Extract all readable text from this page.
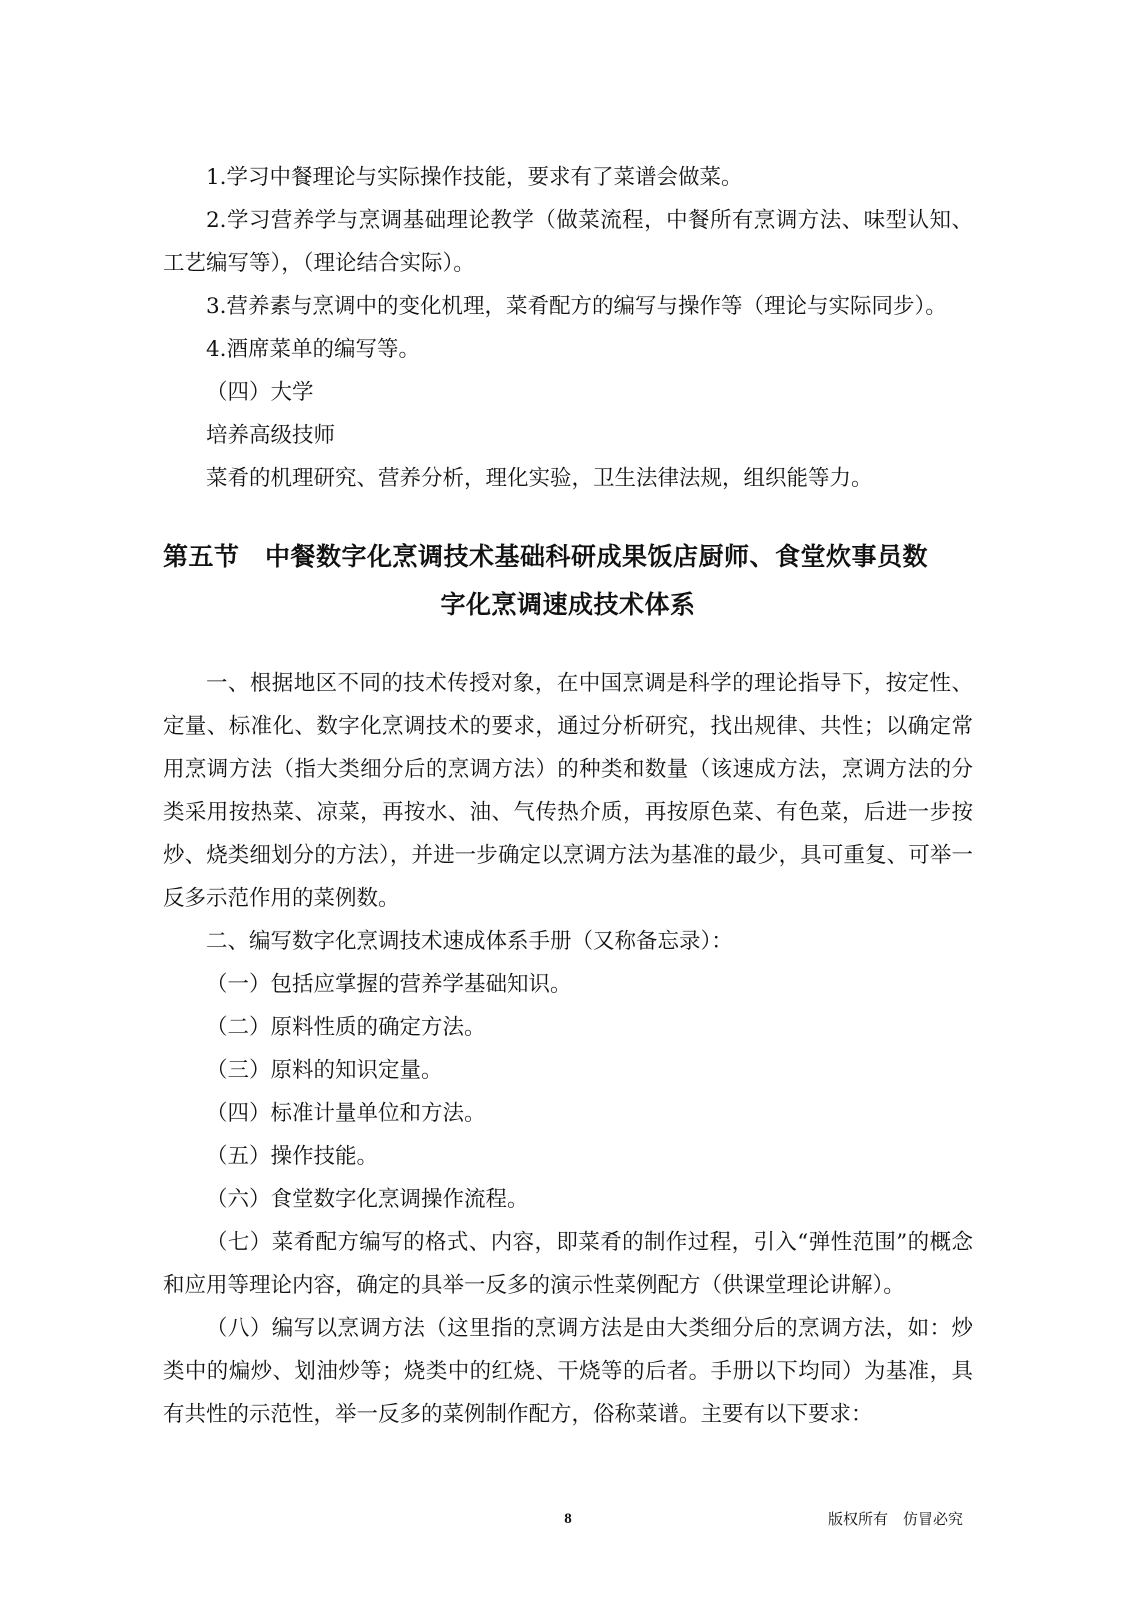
1.学习中餐理论与实际操作技能，要求有了菜谱会做菜。

2.学习营养学与烹调基础理论教学（做菜流程，中餐所有烹调方法、味型认知、工艺编写等），（理论结合实际）。

3.营养素与烹调中的变化机理，菜肴配方的编写与操作等（理论与实际同步）。

4.酒席菜单的编写等。

（四）大学

培养高级技师

菜肴的机理研究、营养分析，理化实验，卫生法律法规，组织能等力。

第五节　中餐数字化烹调技术基础科研成果饭店厨师、食堂炊事员数
字化烹调速成技术体系

一、根据地区不同的技术传授对象，在中国烹调是科学的理论指导下，按定性、定量、标准化、数字化烹调技术的要求，通过分析研究，找出规律、共性；以确定常用烹调方法（指大类细分后的烹调方法）的种类和数量（该速成方法，烹调方法的分类采用按热菜、凉菜，再按水、油、气传热介质，再按原色菜、有色菜，后进一步按炒、烧类细划分的方法），并进一步确定以烹调方法为基准的最少，具可重复、可举一反多示范作用的菜例数。

二、编写数字化烹调技术速成体系手册（又称备忘录）：

（一）包括应掌握的营养学基础知识。

（二）原料性质的确定方法。

（三）原料的知识定量。

（四）标准计量单位和方法。

（五）操作技能。

（六）食堂数字化烹调操作流程。

（七）菜肴配方编写的格式、内容，即菜肴的制作过程，引入“弹性范围”的概念和应用等理论内容，确定的具举一反多的演示性菜例配方（供课堂理论讲解）。

（八）编写以烹调方法（这里指的烹调方法是由大类细分后的烹调方法，如：炒类中的煸炒、划油炒等；烧类中的红烧、干烧等的后者。手册以下均同）为基准，具有共性的示范性，举一反多的菜例制作配方，俗称菜谱。主要有以下要求：

8	版权所有　仿冒必究
